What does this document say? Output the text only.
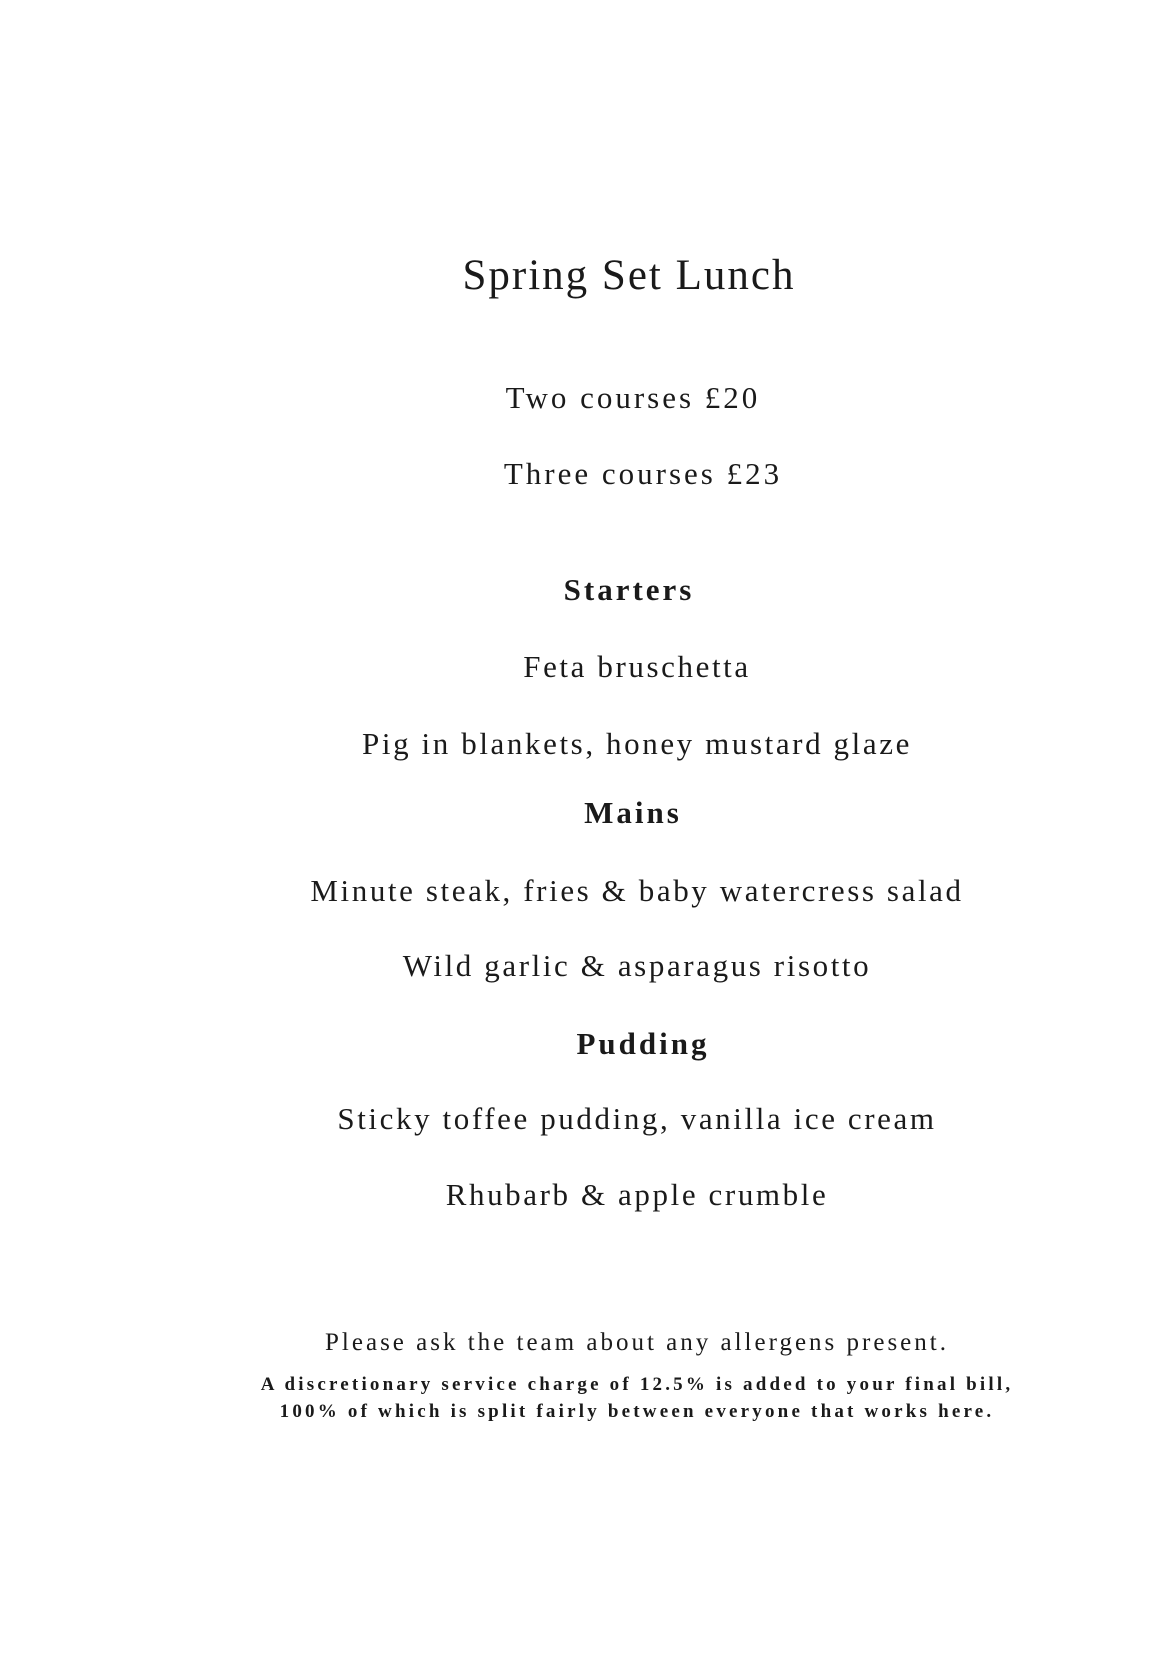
Spring Set Lunch
Two courses £20
Three courses £23
Starters
Feta bruschetta
Pig in blankets, honey mustard glaze
Mains
Minute steak, fries & baby watercress salad
Wild garlic & asparagus risotto
Pudding
Sticky toffee pudding, vanilla ice cream
Rhubarb & apple crumble
Please ask the team about any allergens present.
A discretionary service charge of 12.5% is added to your final bill,
100% of which is split fairly between everyone that works here.
